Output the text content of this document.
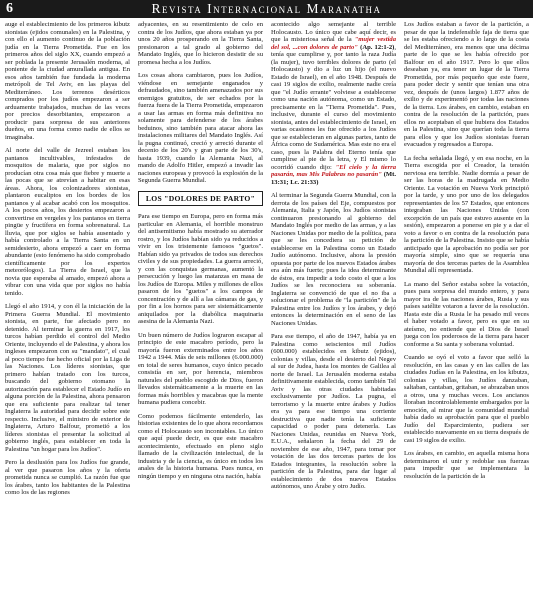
6	Revista Internacional Maranatha

auge el establecimiento de los primeros kibutz sionistas (ejidos comunales) en la Palestina, y con ello el aumento continuo de la población judía en la Tierra Prometida. Fue en los primeros años del siglo XX, cuando empezó a ser poblada la presente Jerusalén moderna, al poniente de la ciudad amurallada antigua. En esos años también fue fundada la moderna metrópoli de Tel Aviv, en las playas del Mediterráneo. Los terrenos desérticos comprados por los judíos empezaron a ser arduamente trabajados, muchas de las veces por precios desorbitantes, empezaron a producir para sorpresa de sus anteriores dueños, en una forma como nadie de ellos se imaginaba.

Al norte del valle de Jezreel estaban los pantanos incultivables, infestados de mosquitos de malaria, que por siglos no producían otra cosa más que fiebre y muerte a las pocas que se atrevían a habitar en esas áreas. Ahora, los colonizadores sionistas, plantaron eucaliptos en los bordes de los pantanos y al acabar acabó con los mosquitos. A los pocos años, los desiertos empezaron a convertirse en vergeles y los pantanos en tierra pingüe y fructífera en forma sobrenatural. La lluvia, que por siglos se había ausentado y había controlado a la Tierra Santa en un semidesierto, ahora empezó a caer en forma abundante (esto fenómeno ha sido comprobado científicamente por los expertos meteorólogos). La Tierra de Israel, que la novia que esperaba al amado, empezó ahora a vibrar con una vida que por siglos no había tenido.

Llegó el año 1914, y con él la iniciación de la Primera Guerra Mundial. El movimiento sionista, en parte, fue afectado pero no detenido. Al terminar la guerra en 1917, los turcos habían perdido el control del Medio Oriente, incluyendo el de Palestina, y ahora los ingleses empezaron con su "mandato", el cual al poco tiempo fue hecho oficial por la Liga de las Naciones. Los líderes sionistas, que primero habían tratado con los turcos, buscando del gobierno otomano la autorización para establecer el Estado Judío en alguna porción de la Palestina, ahora pensaron que era suficiente para realizar tal tener Inglaterra la autoridad para decidir sobre este respecto. Inclusive, el ministro de exterior de Inglaterra, Arturo Balfour, prometió a los líderes sionistas el presentar la solicitud al gobierno inglés, para establecer en toda la Palestina "un hogar para los Judíos".

Pero la desilusión para los Judíos fue grande, al ver que pasaron los años y la oferta prometida nunca se cumplió. La razón fue que los árabes, tanto los habitantes de la Palestina como los de las regiones

adyacentes, en su resentimiento de celo en contra de los Judíos, que ahora estaban ya por unos 20 años prosperando en la Tierra Santa, presionaron a tal grado al gobierno del Mandato Inglés, que lo hicieron desistir de su promesa hecha a los Judíos.

Los cosas ahora cambiaron, pues los Judíos, viéndose en semejante enganados y defraudados, sino también amenazados por sus enemigos gratuitos, de ser echados por la fuerza fuera de la Tierra Prometida, empezaron a usar las armas en forma más definitiva no solamente para defenderse de los árabes beduinos, sino también para atacar ahora las instalaciones militares del Mandato Inglés. Así la pugna continuó, creció y arreció durante el decenio de los 20's y gran parte de los 30's, hasta 1939, cuando la Alemania Nazi, al mando de Adolfo Hitler, empezó a invadir las naciones europeas y provocó la explosión de la Segunda Guerra Mundial.

LOS "DOLORES DE PARTO"

Para ese tiempo en Europa, pero en forma más particular en Alemania, el horrible monstruo del antisemitismo había mostrado su aterrador rostro, y los Judíos habían sido ya reducidos a vivir en los tristemente famosos "guetos". Habían sido ya privados de todos sus derechos civiles y de sus propiedades. La guerra arreció, y con las conquistas germanas, aumentó la persecución y luego las matanzas en masa de los Judíos de Europa. Miles y millones de ellos pasaron de los "guetos" a los campos de concentración y de allí a las cámaras de gas, y por fin a los hornos para ser sistemáticamente aniquilados por la diabólica maquinaria asesina de la Alemania Nazi.

Un buen número de Judíos lograron escapar al principio de este macabro período, pero la mayoría fueron exterminados entre los años 1942 a 1944. Más de seis millones (6.000.000) en total de seres humanos, cuyo único pecado consistía en ser, por herencia, miembros naturales del pueblo escogido de Dios, fueron llevados sistemáticamente a la muerte en las formas más horribles y macabras que la mente humana pudiera concebir.

Como podemos fácilmente entenderlo, las historias existentes de lo que ahora recordamos como el Holocausto son incontables. Lo único que aquí puede decir, es que este macabro acontecimiento, efectuado en pleno siglo llamado de la civilización intelectual, de la industria y de la ciencia, es único en todos los anales de la historia humana. Pues nunca, en ningún tiempo y en ninguna otra nación, había

acontecido algo semejante al terrible Holocausto. Lo único que cabe aquí decir, es que la misteriosa señal de la "mujer vestida del sol, ...con dolores de parto" (Ap. 12:1-2), tenía que cumplirse y, por tanto la raza Judía (la mujer), tuvo terribles dolores de parto (el Holocausto) y dio a luz un hijo (el nuevo Estado de Israel), en el año 1948. Después de casi 19 siglos de exilio, realmente nadie creía que "el Judío errante" volviese a establecerse como una nación autónoma, como un Estado, precisamente en la "Tierra Prometida". Pues, inclusive, durante el curso del movimiento sionista, antes del establecimiento de Israel, en varias ocasiones les fue ofrecido a los Judíos que se establecieran en algunas partes, tanto de África como de Sudamérica. Mas este no era el caso, pues la Palabra del Eterno tenía que cumplirse al pie de la letra, y El mismo lo ocorridó cuando dijo: "El cielo y la tierra pasarán, mas Mis Palabras no pasarán" (Mt. 13:31; Lc. 21:33)

Al terminar la Segunda Guerra Mundial, con la derrota de los países del Eje, compuestos por Alemania, Italia y Japón, los Judíos sionistas continuaron presionando al gobierno del Mandato Inglés por medio de las armas, y a las Naciones Unidas por medio de la política, para que se les concediera su petición de establecerse en la Palestina como un Estado Judío autónomo. Inclusive, ahora la presión opuesta por parte de los nuevos Estados árabes era aún más fuerte; pues la idea determinante de éstos, era impedir a todo costo el que a los Judíos se les reconociera su soberanía. Inglaterra se convenció de que el no iba a solucionar el problema de "la partición" de la Palestina entre los Judíos y los árabes, y dejó entonces la determinación en el seno de las Naciones Unidas.

Para ese tiempo, el año de 1947, había ya en Palestina como seiscientos mil Judíos (600.000) establecidos en kibutz (ejidos), colonias y villas, desde el desierto del Negev al sur de Judea, hasta los montes de Galilea al norte de Israel. La Jerusalén moderna estaba definitivamente establecida, como también Tel Aviv y las otras ciudades habitadas exclusivamente por Judíos. La pugna, el terrorismo y la muerte entre árabes y Judíos era ya para ese tiempo una corriente destructiva que nadie tenía la suficiente capacidad o poder para detenerla. Las Naciones Unidas, reunidas en Nueva York, E.U.A., señalaron la fecha del 29 de noviembre de ese año, 1947, para tomar por votación de las dos terceras partes de los Estados integrantes, la resolución sobre la partición de la Palestina, para dar lugar al establecimiento de dos nuevos Estados autónomos, uno Árabe y otro Judío.

Los Judíos estaban a favor de la partición, a pesar de que la indefensible faja de tierra que se les estaba ofreciendo a lo largo de la costa del Mediterráneo, era menos que una décima parte de lo que se les había ofrecido por Balfour en el año 1917. Pero lo que ellos deseaban ya, era tener un lugar de la Tierra Prometida, por más pequeño que este fuere, para poder decir y sentir que tenían una otra vez, después de (unos largos) 1.877 años de exilio y de experimentó por todas las naciones de la tierra. Los árabes, en cambio, estaban en contra de la resolución de la partición, pues ellos no aceptaban el que hubiera dos Estados en la Palestina, sino que querían toda la tierra para ellos y que los Judíos sionistas fueran evacuados y regresados a Europa.

La fecha señalada llegó, y en esa noche, en la Tierra escogida por el Creador, la tensión nerviosa era terrible. Nadie dormía a pesar de ser las horas de la madrugada en Medio Oriente. La votación en Nueva York principió por la tarde, y uno por uno de los delegados representantes de los 57 Estados, que entonces integraban las Naciones Unidas (con excepción de un país que estuvo ausente en la sesión), empezaron a ponerse en pie y a dar el voto a favor o en contra de la resolución para la partición de la Palestina. Insisto que se había anticipado que la aprobación no podía ser por mayoría simple, sino que se requería una mayoría de dos terceras partes de la Asamblea Mundial allí representada.

La mano del Señor estaba sobre la votación, pues para sorpresa del mundo entero, y para mayor ira de las naciones árabes, Rusia y sus países satélite votaron a favor de la resolución. Hasta este día a Rusia le ha pesado mil veces el haber votado a favor, pero es que en su ateísmo, no entiende que el Dios de Israel juega con los poderosos de la tierra para hacer conforme a Su santa y soberana voluntad.

Cuando se oyó el voto a favor que selló la resolución, en las casas y en las calles de las ciudades Judías en la Palestina, en los kibutzs, colonias y villas, los Judíos danzaban, saltaban, cantaban, gritaban, se abrazaban unos a otros, una y muchas veces. Los ancianos lloraban incontrolablemente embargados por la emoción, al mirar que la comunidad mundial había dado su aprobación para que el pueblo Judío del Esparcimiento, pudiera ser establecido nuevamente en su tierra después de casi 19 siglos de exilio.

Los árabes, en cambio, en aquella misma hora determinaron el unir y redoblar sus fuerzas para impedir que se implementara la resolución de la partición de la
